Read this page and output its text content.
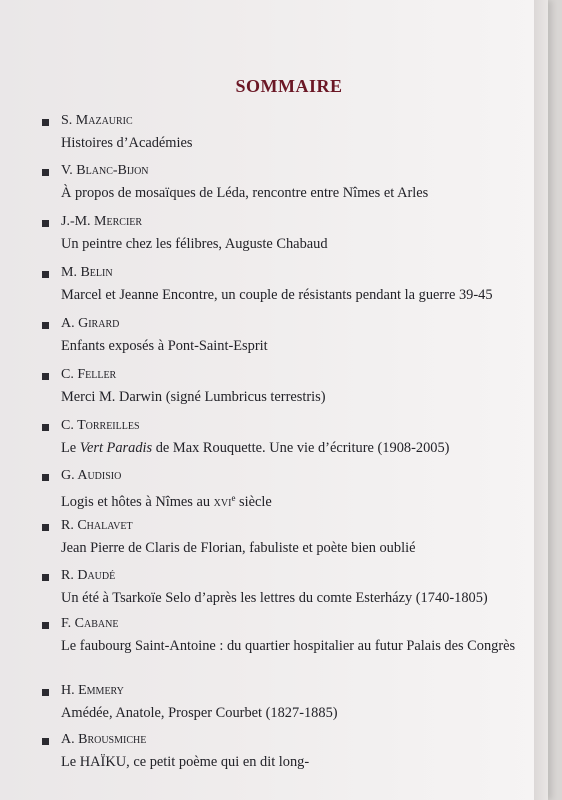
SOMMAIRE
S. Mazauric
Histoires d’Académies
V. Blanc-Bijon
À propos de mosaïques de Léda, rencontre entre Nîmes et Arles
J.-M. Mercier
Un peintre chez les félibres, Auguste Chabaud
M. Belin
Marcel et Jeanne Encontre, un couple de résistants pendant la guerre 39-45
A. Girard
Enfants exposés à Pont-Saint-Esprit
C. Feller
Merci M. Darwin (signé Lumbricus terrestris)
C. Torreilles
Le Vert Paradis de Max Rouquette. Une vie d’écriture (1908-2005)
G. Audisio
Logis et hôtes à Nîmes au xvi$^e$ siècle
R. Chalavet
Jean Pierre de Claris de Florian, fabuliste et poète bien oublié
R. Daudé
Un été à Tsarkoïe Selo d’après les lettres du comte Esterházy (1740-1805)
F. Cabane
Le faubourg Saint-Antoine : du quartier hospitalier au futur Palais des Congrès
H. Emmery
Amédée, Anatole, Prosper Courbet (1827-1885)
A. Brousmiche
Le HAÏKU, ce petit poème qui en dit long-
